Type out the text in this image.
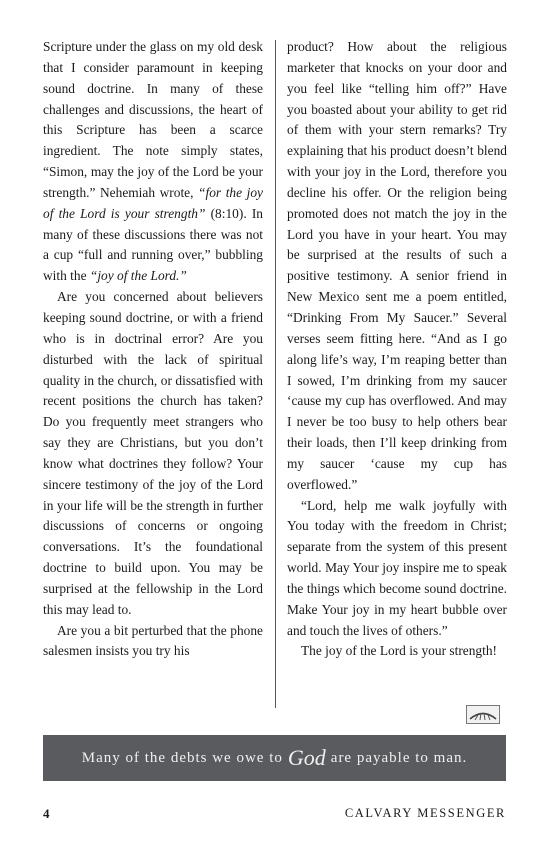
Scripture under the glass on my old desk that I consider paramount in keeping sound doctrine. In many of these challenges and discussions, the heart of this Scripture has been a scarce ingredient. The note simply states, “Simon, may the joy of the Lord be your strength.” Nehemiah wrote, “for the joy of the Lord is your strength” (8:10). In many of these discussions there was not a cup “full and running over,” bubbling with the “joy of the Lord.”

Are you concerned about believers keeping sound doctrine, or with a friend who is in doctrinal error? Are you disturbed with the lack of spiritual quality in the church, or dissatisfied with recent positions the church has taken? Do you frequently meet strangers who say they are Christians, but you don’t know what doctrines they follow? Your sincere testimony of the joy of the Lord in your life will be the strength in further discussions of concerns or ongoing conversations. It’s the foundational doctrine to build upon. You may be surprised at the fellowship in the Lord this may lead to.

Are you a bit perturbed that the phone salesmen insists you try his

product? How about the religious marketer that knocks on your door and you feel like “telling him off?” Have you boasted about your ability to get rid of them with your stern remarks? Try explaining that his product doesn’t blend with your joy in the Lord, therefore you decline his offer. Or the religion being promoted does not match the joy in the Lord you have in your heart. You may be surprised at the results of such a positive testimony. A senior friend in New Mexico sent me a poem entitled, “Drinking From My Saucer.” Several verses seem fitting here. “And as I go along life’s way, I’m reaping better than I sowed, I’m drinking from my saucer ‘cause my cup has overflowed. And may I never be too busy to help others bear their loads, then I’ll keep drinking from my saucer ‘cause my cup has overflowed.”

“Lord, help me walk joyfully with You today with the freedom in Christ; separate from the system of this present world. May Your joy inspire me to speak the things which become sound doctrine. Make Your joy in my heart bubble over and touch the lives of others.”

The joy of the Lord is your strength!

Many of the debts we owe to God are payable to man.
4	CALVARY MESSENGER
